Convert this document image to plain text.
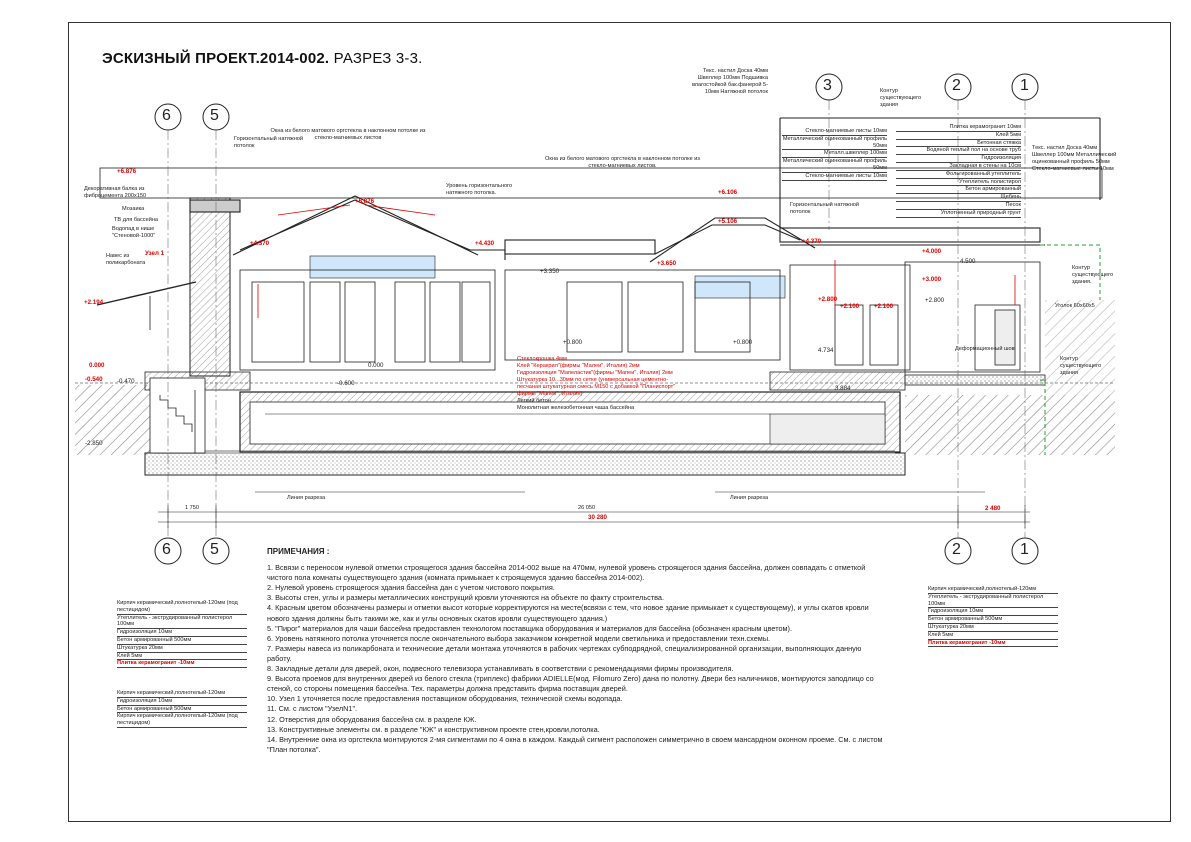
ЭСКИЗНЫЙ ПРОЕКТ.2014-002. РАЗРЕЗ 3-3.
6 5
3	2	1
6 5	2	1
1 750	26 050
30 280
2 480
Линия разреза	Линия разреза
+6.876
+2.194
-0.540
0.000
+5.876
+4.370	+4.430
+6.106
+5.106
+3.650
+4.370
+4.000
+3.000
+2.100 +2.100
+2.800
+3.350
+0.800	+0.800
0.000
-0.600
-2.850
-0.470
+2.800
4.500
3.884
4.734
Окна из белого матового оргстекла в наклонном потолке из стекло-магниевых листов
Окна из белого матового оргстекла в наклонном потолке из стекло-магниевых листов.
Уровень горизонтального натяжного потолка.
Горизонтальный натяжной потолок
Горизонтальный натяжной потолок
Декоративная балка из фиброцемента 200х150
Мозаика
ТВ для бассейна
Водопад в нише "Стеновой-1000"
Навес из поликарбоната
Узел 1
Контур существующего здания
Контур существующего здания.
Контур существующего здания
Деформационный шов
Уголок 60х60х5
Текс. настил Доска 40мм Швеллер 100мм Подшивка влагостойкой бак.фанерой 5-10мм Натяжной потолок
Текс. настил Доска 40мм Швеллер 100мм Металлический оцинкованный профиль 50мм Стекло-магниевые листы 10мм
Стеклокрошка 4мм
Клей "Керакрил"(фирмы "Малеи", Италия) 2мм
Гидроизоляция "Мапеластик"(фирмы "Мапеи", Италия) 2мм
Штукатурка 10...30мм по сетке (универсальная цементно-песчаная штукатурная смесь М150 с добавкой "Планиспорт" фирмы "Мапеи", Италия)
Легкий бетон
Монолитная железобетонная чаша бассейна
Кирпич керамический,полнотелый-120мм (под пестицидом)
Утеплитель - экструдированный полистерол 100мм
Гидроизоляция 10мм
Бетон армированный 500мм
Штукатурка 20мм
Клей 5мм
Плитка керамогранит -10мм
Кирпич керамический,полнотелый-120мм
Гидроизоляция 10мм
Бетон армированный 500мм
Кирпич керамический,полнотелый-120мм (под пестицидом)
Кирпич керамический,полнотелый-120мм
Утеплитель - экструдированный полистерол 100мм
Гидроизоляция 10мм
Бетон армированный 500мм
Штукатурка 20мм
Клей 5мм
Плитка керамогранит -10мм
Плитка керамогранит 10мм
Клей 5мм
Бетонная стяжка
Водяной теплый пол на основе труб
Гидроизоляция
Закладная в стены на 10см
Фольгированный утеплитель
Утеплитель полистирол
Бетон армированный
Щебень
Песок
Уплотненный природный грунт
Стекло-магниевые листы 10мм
Металлический оцинкованный профиль 50мм
Металл.швеллер 100мм
Металлический оцинкованный профиль 50мм
Стекло-магниевые листы 10мм
ПРИМЕЧАНИЯ :
1. Всвязи с переносом нулевой отметки строящегося здания бассейна 2014-002 выше на 470мм, нулевой уровень строящегося здания бассейна, должен совпадать с отметкой чистого пола комнаты существующего здания (комната примыкает к строящемуся зданию бассейна 2014-002).
2. Нулевой уровень строящегося здания бассейна дан с учетом чистового покрытия.
3. Высоты стен, углы и размеры металлических конструкций кровли уточняются на объекте по факту строительства.
4. Красным цветом обозначены размеры и отметки высот которые корректируются на месте(всвязи с тем, что новое здание примыкает к существующему), и углы скатов кровли нового здания должны быть такими же, как и углы основных скатов кровли существующего здания.)
5. "Пирог" материалов для чаши бассейна предоставлен технологом поставщика оборудования и материалов для бассейна (обозначен красным цветом).
6. Уровень натяжного потолка уточняется после окончательного выбора заказчиком конкретной модели светильника и предоставлении техн.схемы.
7. Размеры навеса из поликарбоната и технические детали монтажа уточняются в рабочих чертежах субподрядной, специализированной организации, выполняющих данную работу.
8. Закладные детали для дверей, окон, подвесного телевизора устанавливать в соответствии с рекомендациями фирмы производителя.
9. Высота проемов для внутренних дверей из белого стекла (триплекс) фабрики ADIELLE(мод. Filomuro Zero) дана по полотну. Двери без наличников, монтируются заподлицо со стеной, со стороны помещения бассейна. Тех. параметры должна представить фирма поставщик дверей.
10. Узел 1 уточняется после предоставления поставщиком оборудования, технической схемы водопада.
11. См. с листом "УзелN1".
12. Отверстия для оборудования бассейна см. в разделе КЖ.
13. Конструктивные элементы см. в разделе "КЖ" и конструктивном проекте стен,кровли,потолка.
14. Внутренние окна из оргстекла монтируются 2-мя сигментами по 4 окна в каждом. Каждый сигмент расположен симметрично в своем мансардном оконном проеме. См. с листом "План потолка".
